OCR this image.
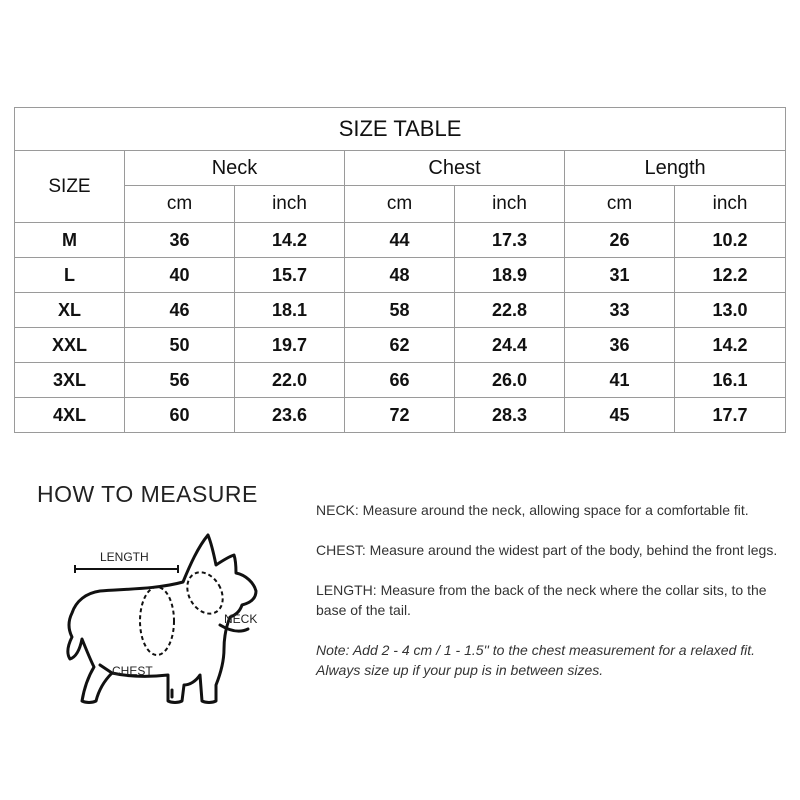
SIZE TABLE						
SIZE	Neck		Chest		Length	
	cm	inch	cm	inch	cm	inch
M	36	14.2	44	17.3	26	10.2
L	40	15.7	48	18.9	31	12.2
XL	46	18.1	58	22.8	33	13.0
XXL	50	19.7	62	24.4	36	14.2
3XL	56	22.0	66	26.0	41	16.1
4XL	60	23.6	72	28.3	45	17.7
HOW TO MEASURE
LENGTH
NECK
CHEST

NECK: Measure around the neck, allowing space for a comfortable fit.

CHEST: Measure around the widest part of the body, behind the front legs.

LENGTH: Measure from the back of the neck where the collar sits, to the base of the tail.

Note: Add 2 - 4 cm / 1 - 1.5'' to the chest measurement for a relaxed fit. Always size up if your pup is in between sizes.
